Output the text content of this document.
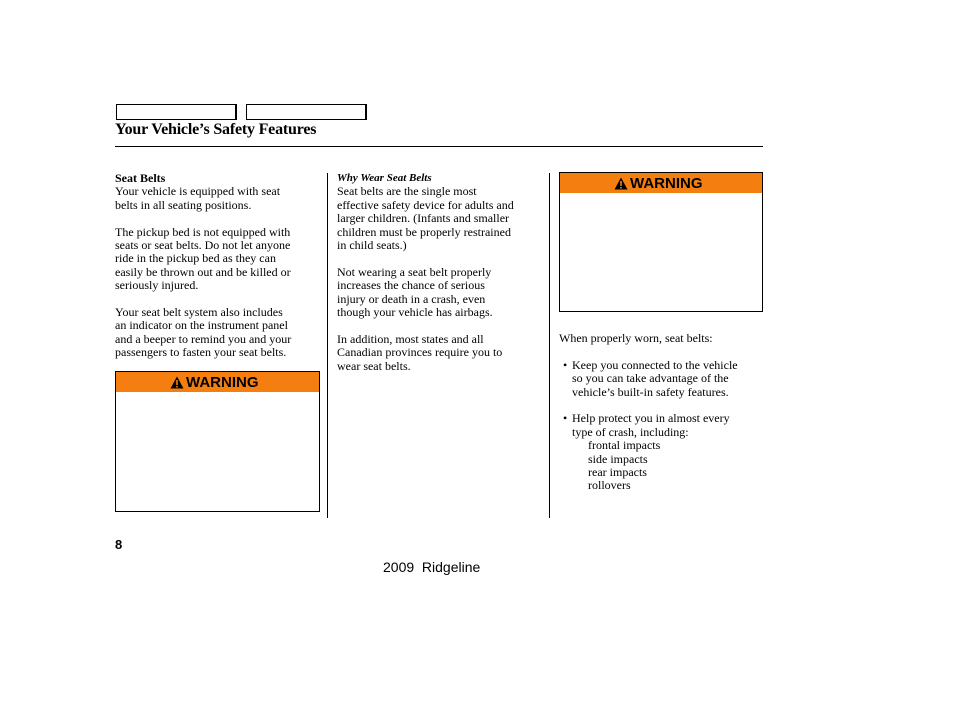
Your Vehicle’s Safety Features

Seat Belts

Your vehicle is equipped with seat

belts in all seating positions.

The pickup bed is not equipped with

seats or seat belts. Do not let anyone

ride in the pickup bed as they can

easily be thrown out and be killed or

seriously injured.

Your seat belt system also includes

an indicator on the instrument panel

and a beeper to remind you and your

passengers to fasten your seat belts.

WARNING

Why Wear Seat Belts

Seat belts are the single most

effective safety device for adults and

larger children. (Infants and smaller

children must be properly restrained

in child seats.)

Not wearing a seat belt properly

increases the chance of serious

injury or death in a crash, even

though your vehicle has airbags.

In addition, most states and all

Canadian provinces require you to

wear seat belts.

WARNING

When properly worn, seat belts:

• Keep you connected to the vehicle

so you can take advantage of the

vehicle’s built-in safety features.

• Help protect you in almost every

type of crash, including:

frontal impacts

side impacts

rear impacts

rollovers

8
2009  Ridgeline
